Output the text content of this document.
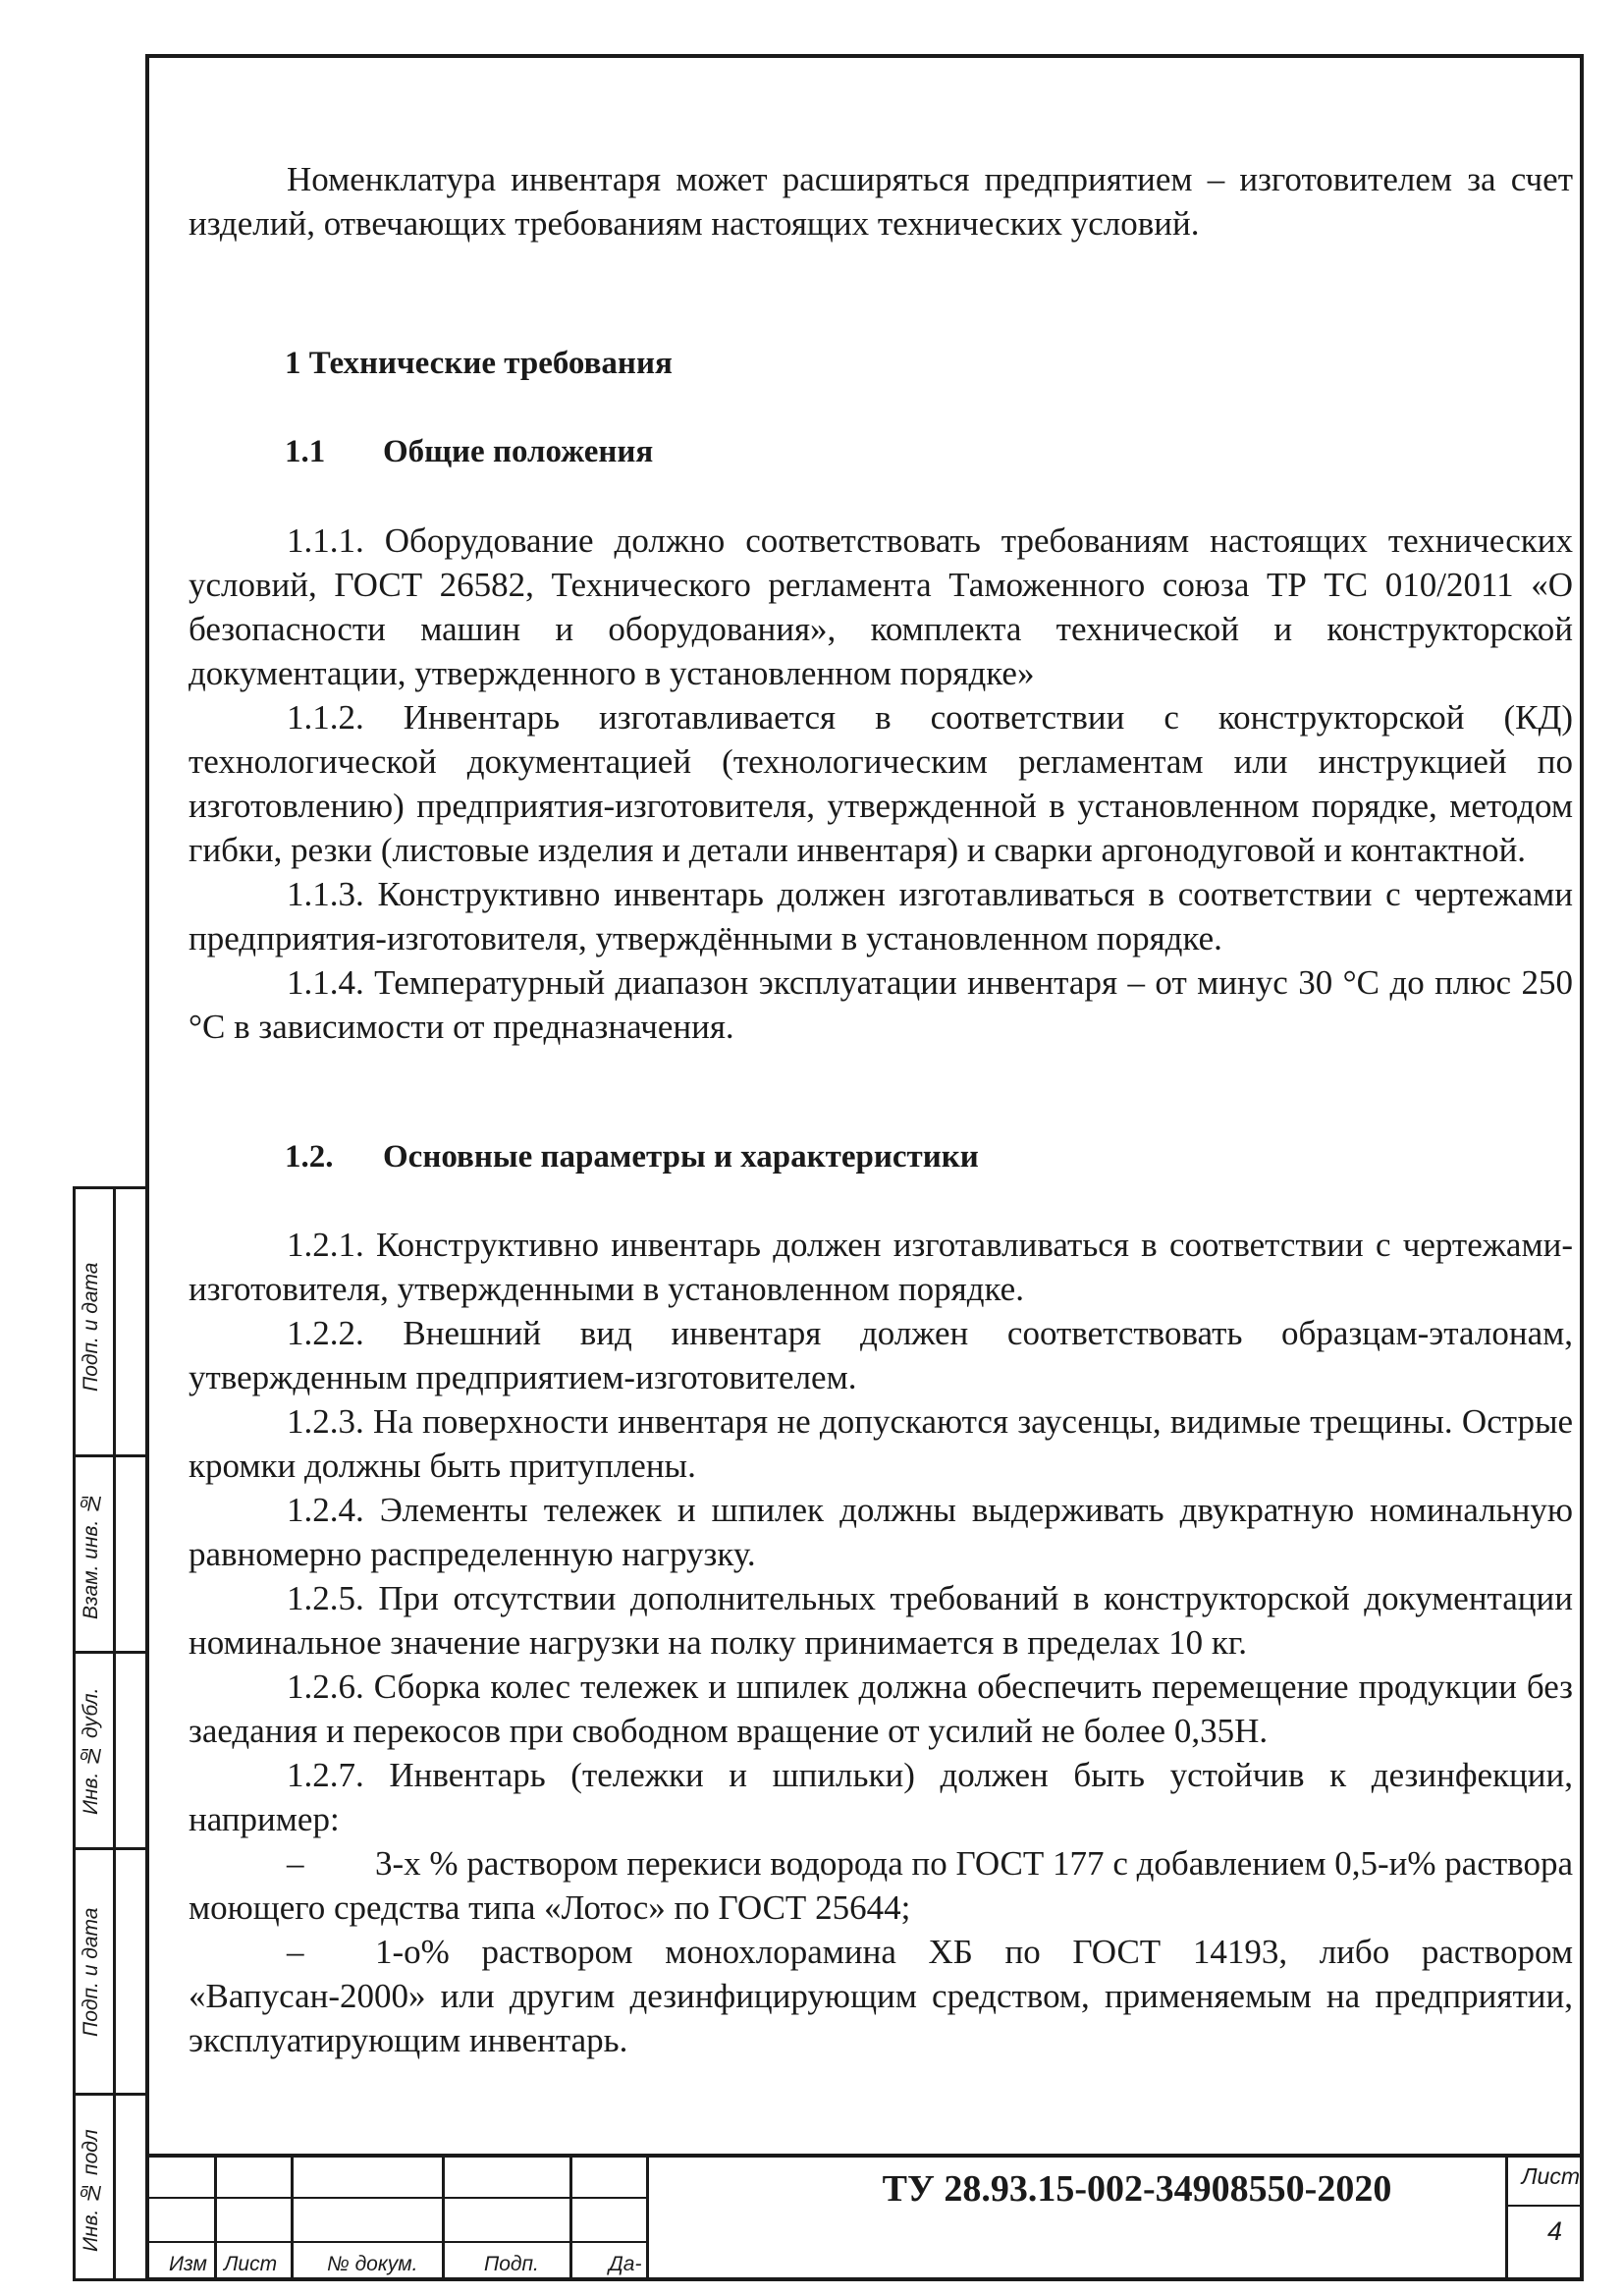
Подп. и дата
Взам. инв. №
Инв. № дубл.
Подп. и дата
Инв. № подл

Номенклатура инвентаря может расширяться предприятием – изготовителем за счет изделий, отвечающих требованиям настоящих технических условий.

1 Технические требования
1.1 Общие положения

1.1.1. Оборудование должно соответствовать требованиям настоящих технических условий, ГОСТ 26582, Технического регламента Таможенного союза ТР ТС 010/2011 «О безопасности машин и оборудования», комплекта технической и конструкторской документации, утвержденного в установленном порядке»

1.1.2. Инвентарь изготавливается в соответствии с конструкторской (КД) технологической документацией (технологическим регламентам или инструкцией по изготовлению) предприятия-изготовителя, утвержденной в установленном порядке, методом гибки, резки (листовые изделия и детали инвентаря) и сварки аргонодуговой и контактной.

1.1.3. Конструктивно инвентарь должен изготавливаться в соответствии с чертежами предприятия-изготовителя, утверждёнными в установленном порядке.

1.1.4. Температурный диапазон эксплуатации инвентаря – от минус 30 °С до плюс 250 °С в зависимости от предназначения.

1.2. Основные параметры и характеристики

1.2.1. Конструктивно инвентарь должен изготавливаться в соответствии с чертежами-изготовителя, утвержденными в установленном порядке.

1.2.2. Внешний вид инвентаря должен соответствовать образцам-эталонам, утвержденным предприятием-изготовителем.

1.2.3. На поверхности инвентаря не допускаются заусенцы, видимые трещины. Острые кромки должны быть притуплены.

1.2.4. Элементы тележек и шпилек должны выдерживать двукратную номинальную равномерно распределенную нагрузку.

1.2.5. При отсутствии дополнительных требований в конструкторской документации номинальное значение нагрузки на полку принимается в пределах 10 кг.

1.2.6. Сборка колес тележек и шпилек должна обеспечить перемещение продукции без заедания и перекосов при свободном вращение от усилий не более 0,35Н.

1.2.7. Инвентарь (тележки и шпильки) должен быть устойчив к дезинфекции, например:

– 3-х % раствором перекиси водорода по ГОСТ 177 с добавлением 0,5-и% раствора моющего средства типа «Лотос» по ГОСТ 25644;

– 1-о% раствором монохлорамина ХБ по ГОСТ 14193, либо раствором «Вапусан-2000» или другим дезинфицирующим средством, применяемым на предприятии, эксплуатирующим инвентарь.

Изм Лист № докум.	Подп.	Да-
ТУ 28.93.15-002-34908550-2020	Лист
4
